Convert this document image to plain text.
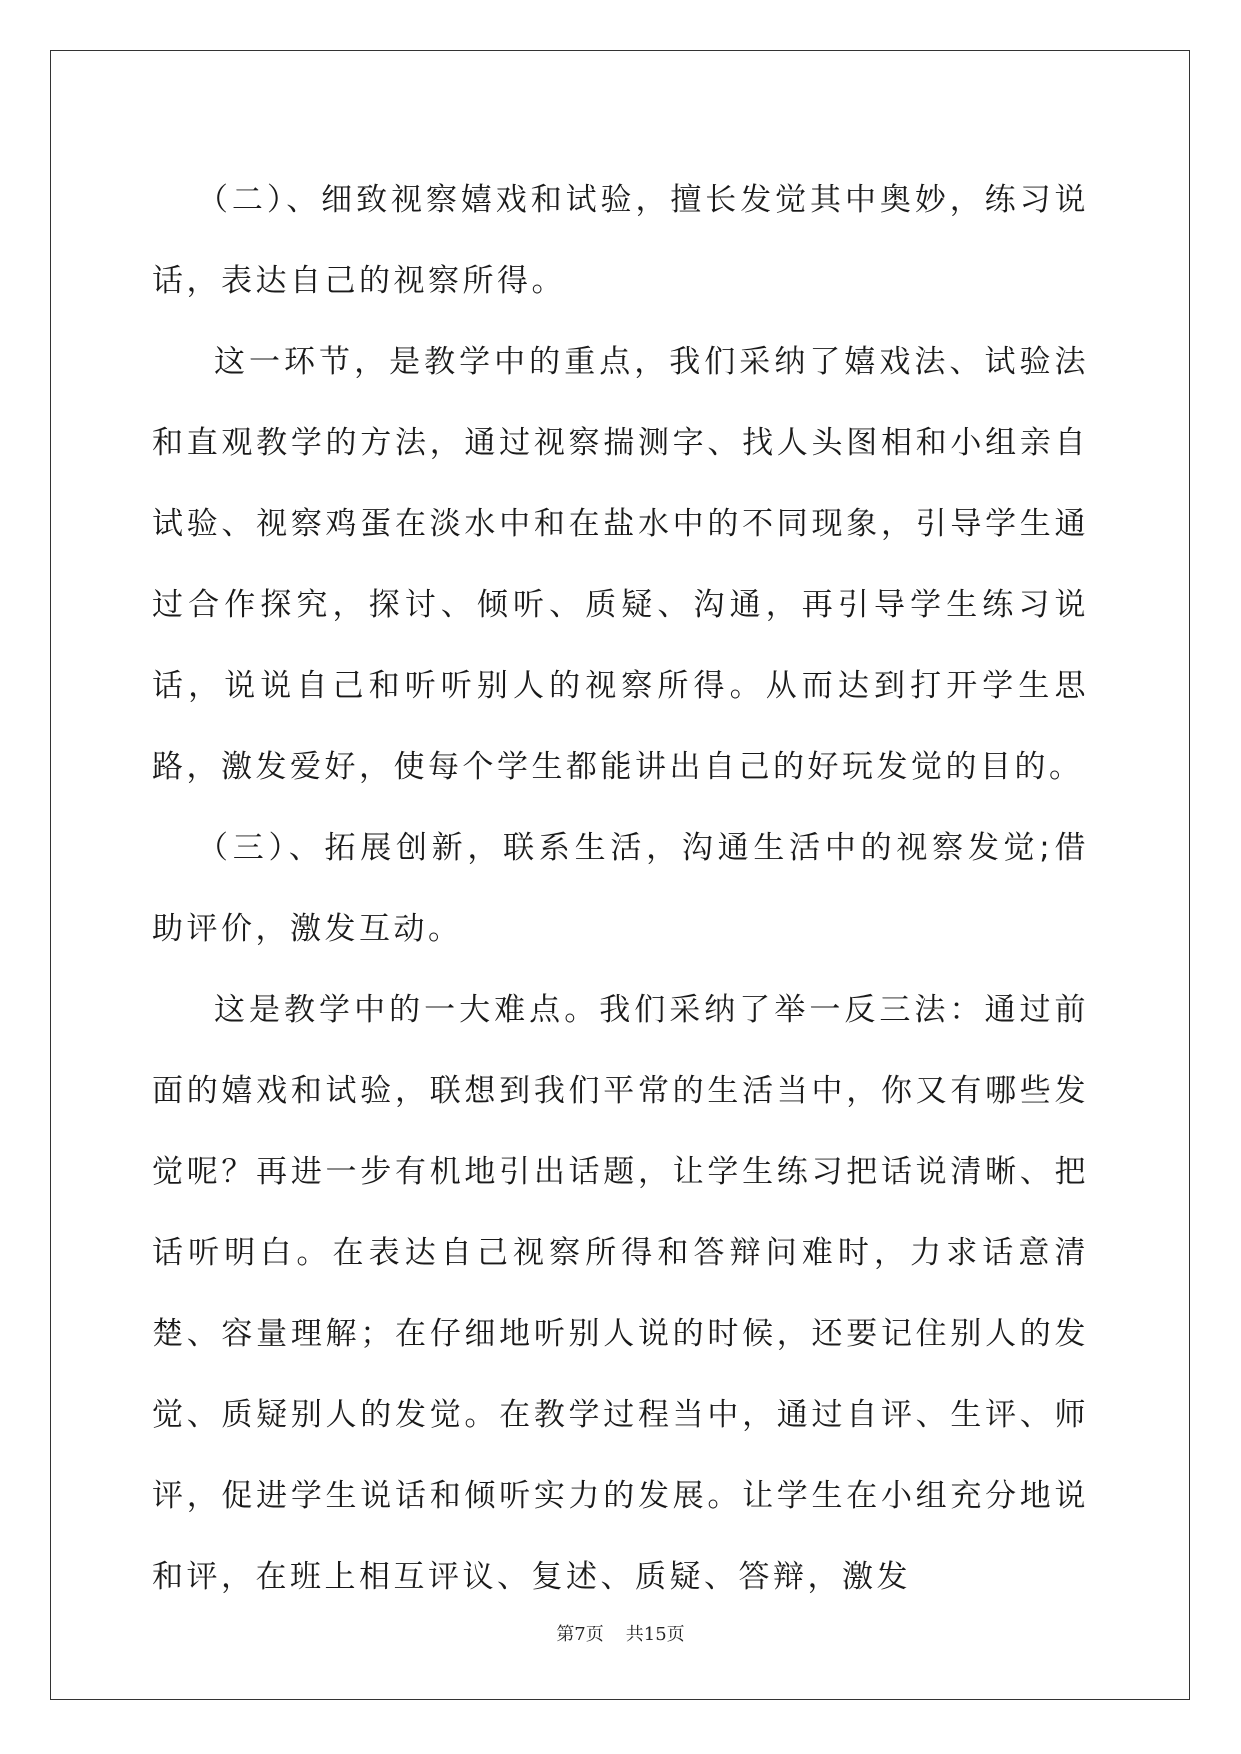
（二）、细致视察嬉戏和试验，擅长发觉其中奥妙，练习说话，表达自己的视察所得。

这一环节，是教学中的重点，我们采纳了嬉戏法、试验法和直观教学的方法，通过视察揣测字、找人头图相和小组亲自试验、视察鸡蛋在淡水中和在盐水中的不同现象，引导学生通过合作探究，探讨、倾听、质疑、沟通，再引导学生练习说话，说说自己和听听别人的视察所得。从而达到打开学生思路，激发爱好，使每个学生都能讲出自己的好玩发觉的目的。

（三）、拓展创新，联系生活，沟通生活中的视察发觉;借助评价，激发互动。

这是教学中的一大难点。我们采纳了举一反三法：通过前面的嬉戏和试验，联想到我们平常的生活当中，你又有哪些发觉呢？再进一步有机地引出话题，让学生练习把话说清晰、把话听明白。在表达自己视察所得和答辩问难时，力求话意清楚、容量理解；在仔细地听别人说的时候，还要记住别人的发觉、质疑别人的发觉。在教学过程当中，通过自评、生评、师评，促进学生说话和倾听实力的发展。让学生在小组充分地说和评，在班上相互评议、复述、质疑、答辩，激发

第7页 共15页
